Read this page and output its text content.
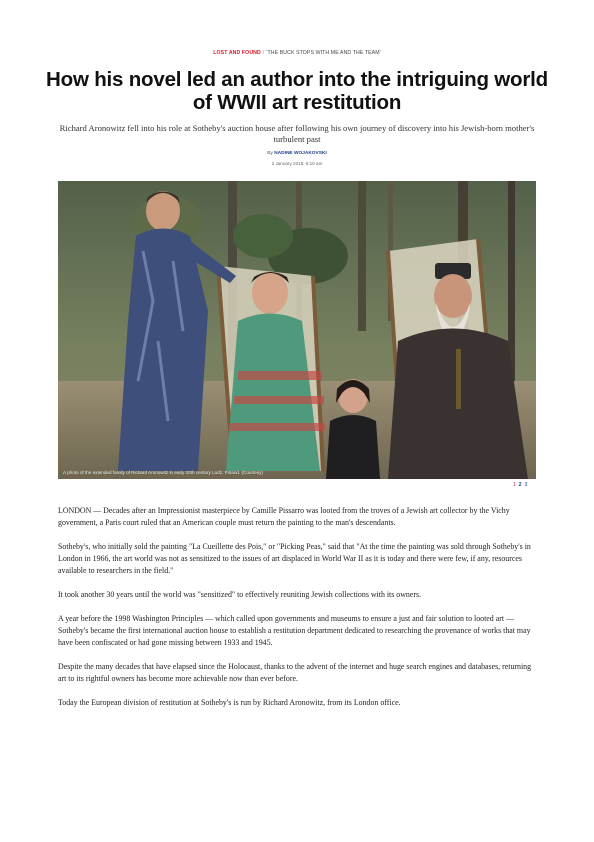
LOST AND FOUND / 'THE BUCK STOPS WITH ME AND THE TEAM'
How his novel led an author into the intriguing world of WWII art restitution

Richard Aronowitz fell into his role at Sotheby's auction house after following his own journey of discovery into his Jewish-born mother's turbulent past

By NADINE WOJAKOVSKI
2 January 2018, 5:10 am
A photo of the extended family of Richard Aronowitz in early 20th century Lodz, Poland. (Courtesy)
1 2 3

LONDON — Decades after an Impressionist masterpiece by Camille Pissarro was looted from the troves of a Jewish art collector by the Vichy government, a Paris court ruled that an American couple must return the painting to the man's descendants.

Sotheby's, who initially sold the painting "La Cueillette des Pois," or "Picking Peas," said that "At the time the painting was sold through Sotheby's in London in 1966, the art world was not as sensitized to the issues of art displaced in World War II as it is today and there were few, if any, resources available to researchers in the field."

It took another 30 years until the world was "sensitized" to effectively reuniting Jewish collections with its owners.

A year before the 1998 Washington Principles — which called upon governments and museums to ensure a just and fair solution to looted art — Sotheby's became the first international auction house to establish a restitution department dedicated to researching the provenance of works that may have been confiscated or had gone missing between 1933 and 1945.

Despite the many decades that have elapsed since the Holocaust, thanks to the advent of the internet and huge search engines and databases, returning art to its rightful owners has become more achievable now than ever before.

Today the European division of restitution at Sotheby's is run by Richard Aronowitz, from its London office.
